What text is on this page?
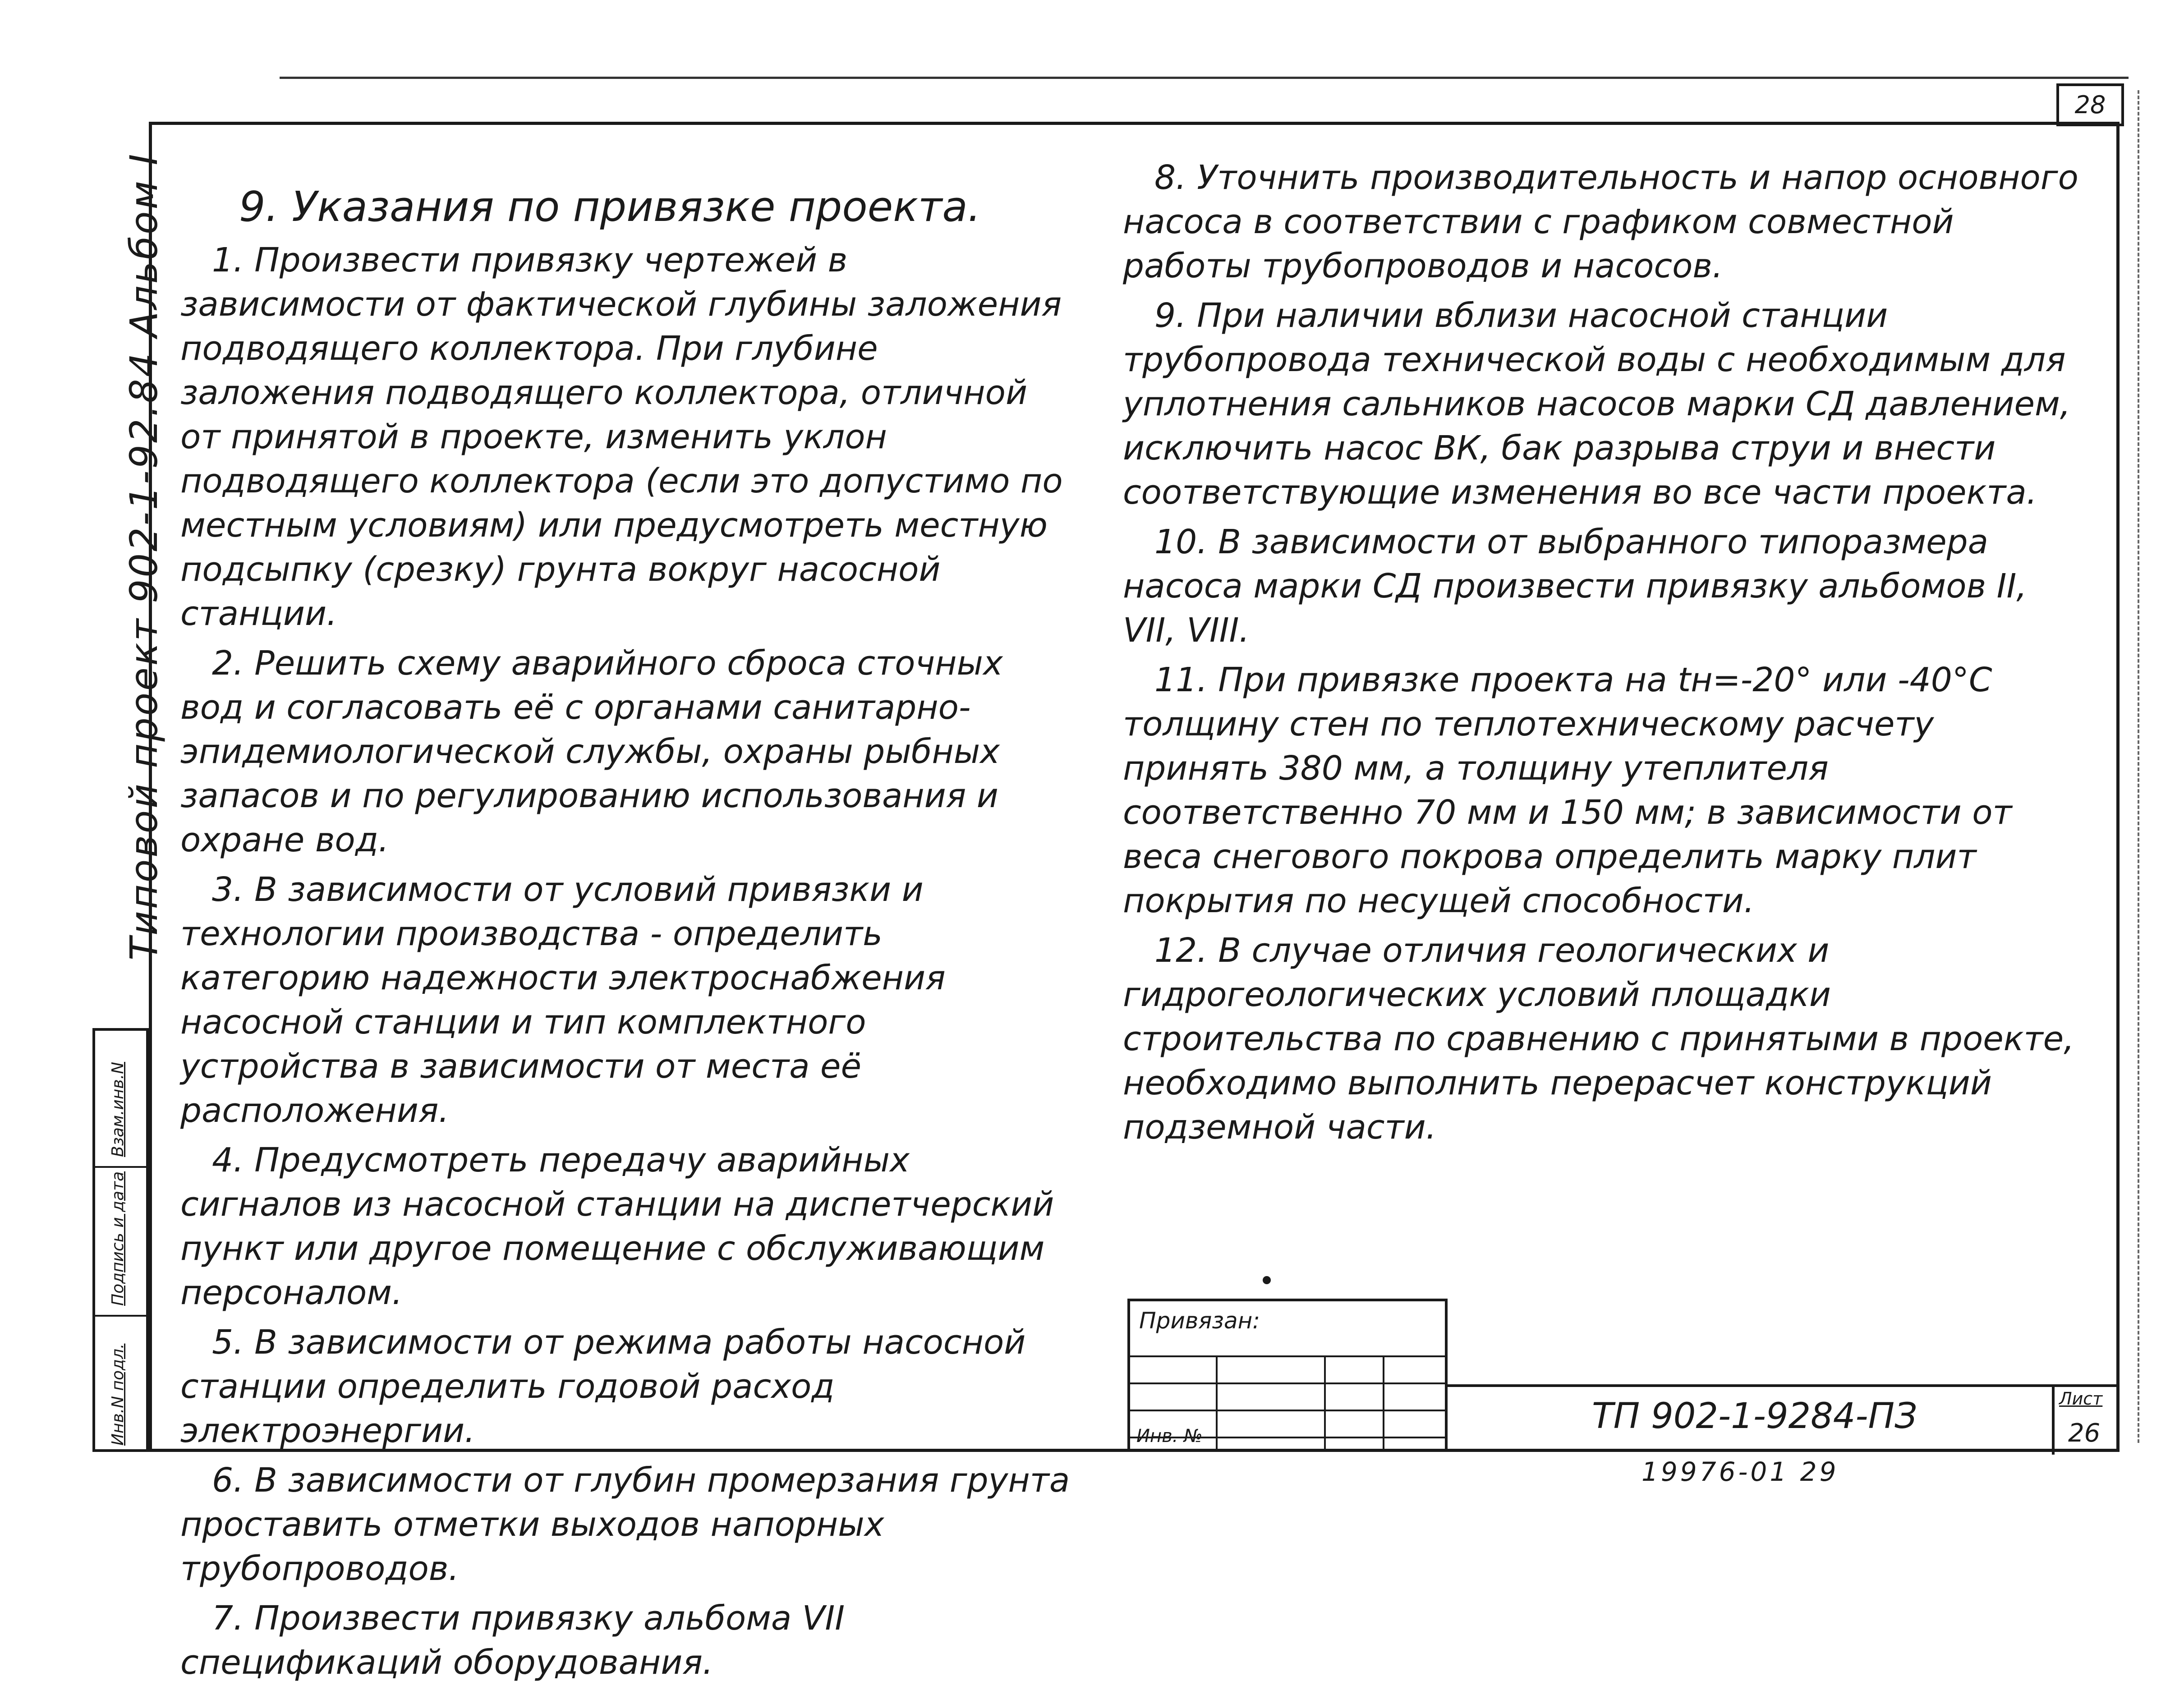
28
Типовой проект 902-1-92.84 Альбом I
Инв.N подл.
Подпись и дата
Взам.инв.N
9. Указания по привязке проекта.

1. Произвести привязку чертежей в зависимости от фактической глубины заложения подводящего коллектора. При глубине заложения подводящего коллектора, отличной от принятой в проекте, изменить уклон подводящего коллектора (если это допустимо по местным условиям) или предусмотреть местную подсыпку (срезку) грунта вокруг насосной станции.

2. Решить схему аварийного сброса сточных вод и согласовать её с органами санитарно-эпидемиологической службы, охраны рыбных запасов и по регулированию использования и охране вод.

3. В зависимости от условий привязки и технологии производства - определить категорию надежности электроснабжения насосной станции и тип комплектного устройства в зависимости от места её расположения.

4. Предусмотреть передачу аварийных сигналов из насосной станции на диспетчерский пункт или другое помещение с обслуживающим персоналом.

5. В зависимости от режима работы насосной станции определить годовой расход электроэнергии.

6. В зависимости от глубин промерзания грунта проставить отметки выходов напорных трубопроводов.

7. Произвести привязку альбома VII спецификаций оборудования.

8. Уточнить производительность и напор основного насоса в соответствии с графиком совместной работы трубопроводов и насосов.

9. При наличии вблизи насосной станции трубопровода технической воды с необходимым для уплотнения сальников насосов марки СД давлением, исключить насос ВК, бак разрыва струи и внести соответствующие изменения во все части проекта.

10. В зависимости от выбранного типоразмера насоса марки СД произвести привязку альбомов II, VII, VIII.

11. При привязке проекта на tн=-20° или -40°С толщину стен по теплотехническому расчету принять 380 мм, а толщину утеплителя соответственно 70 мм и 150 мм; в зависимости от веса снегового покрова определить марку плит покрытия по несущей способности.

12. В случае отличия геологических и гидрогеологических условий площадки строительства по сравнению с принятыми в проекте, необходимо выполнить перерасчет конструкций подземной части.

Привязан:
Инв. №	ТП 902-1-9284-ПЗ	Лист
26
19976-01 29
